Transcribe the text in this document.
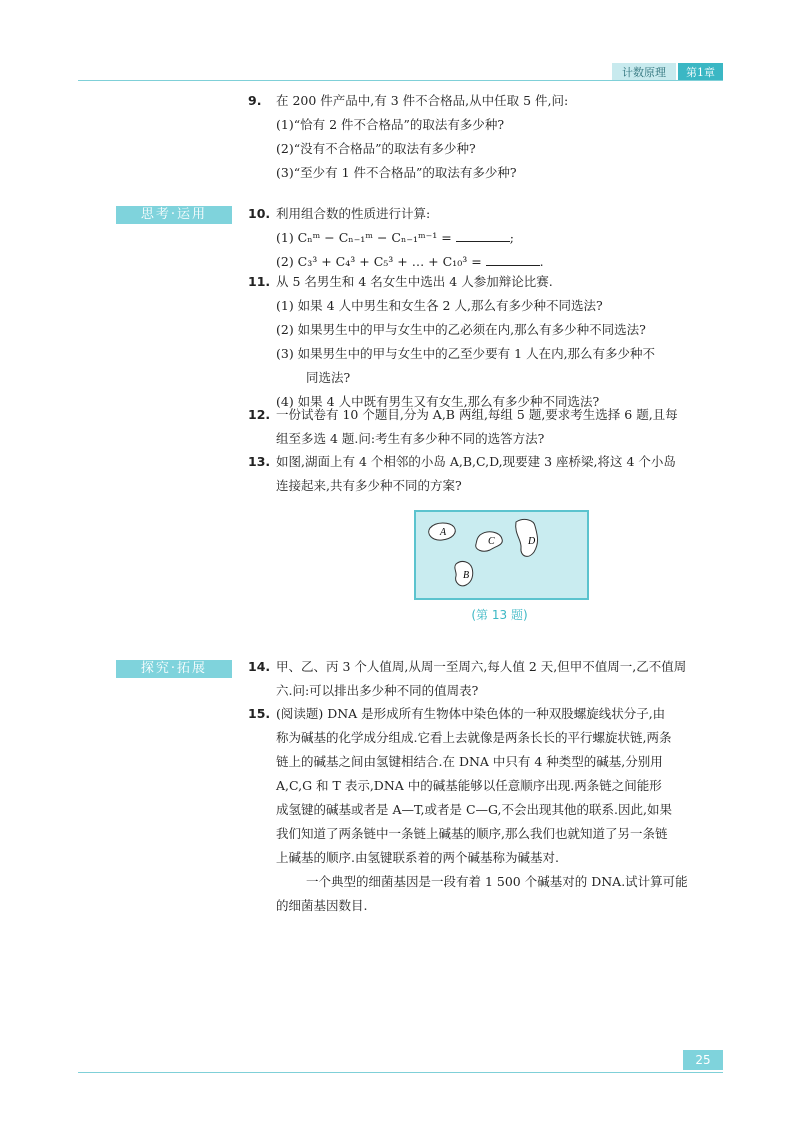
计数原理	第1章
9. 在 200 件产品中,有 3 件不合格品,从中任取 5 件,问:
(1)“恰有 2 件不合格品”的取法有多少种?
(2)“没有不合格品”的取法有多少种?
(3)“至少有 1 件不合格品”的取法有多少种?
思考·运用	10. 利用组合数的性质进行计算:
(1) Cₙᵐ − Cₙ₋₁ᵐ − Cₙ₋₁ᵐ⁻¹ =	;
(2) C₃³ + C₄³ + C₅³ + … + C₁₀³ =	.
11. 从 5 名男生和 4 名女生中选出 4 人参加辩论比赛.
(1) 如果 4 人中男生和女生各 2 人,那么有多少种不同选法?
(2) 如果男生中的甲与女生中的乙必须在内,那么有多少种不同选法?
(3) 如果男生中的甲与女生中的乙至少要有 1 人在内,那么有多少种不
同选法?
(4) 如果 4 人中既有男生又有女生,那么有多少种不同选法?
12. 一份试卷有 10 个题目,分为 A,B 两组,每组 5 题,要求考生选择 6 题,且每
组至多选 4 题.问:考生有多少种不同的选答方法?
13. 如图,湖面上有 4 个相邻的小岛 A,B,C,D,现要建 3 座桥梁,将这 4 个小岛
连接起来,共有多少种不同的方案?
A
C	D
B
(第 13 题)
探究·拓展	14. 甲、乙、丙 3 个人值周,从周一至周六,每人值 2 天,但甲不值周一,乙不值周
六.问:可以排出多少种不同的值周表?
15. (阅读题) DNA 是形成所有生物体中染色体的一种双股螺旋线状分子,由
称为碱基的化学成分组成.它看上去就像是两条长长的平行螺旋状链,两条
链上的碱基之间由氢键相结合.在 DNA 中只有 4 种类型的碱基,分别用
A,C,G 和 T 表示,DNA 中的碱基能够以任意顺序出现.两条链之间能形
成氢键的碱基或者是 A—T,或者是 C—G,不会出现其他的联系.因此,如果
我们知道了两条链中一条链上碱基的顺序,那么我们也就知道了另一条链
上碱基的顺序.由氢键联系着的两个碱基称为碱基对.
一个典型的细菌基因是一段有着 1 500 个碱基对的 DNA.试计算可能
的细菌基因数目.
25
